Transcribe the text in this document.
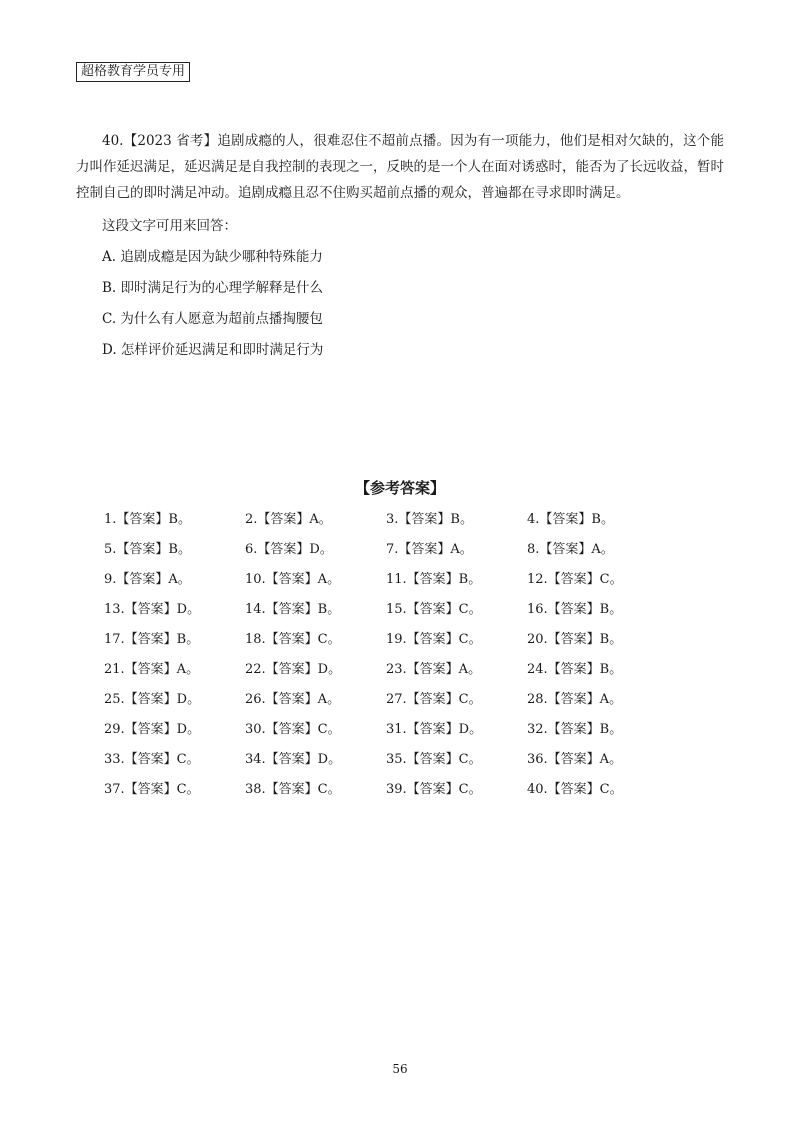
超格教育学员专用

40.【2023 省考】追剧成瘾的人，很难忍住不超前点播。因为有一项能力，他们是相对欠缺的，这个能力叫作延迟满足，延迟满足是自我控制的表现之一，反映的是一个人在面对诱惑时，能否为了长远收益，暂时控制自己的即时满足冲动。追剧成瘾且忍不住购买超前点播的观众，普遍都在寻求即时满足。

这段文字可用来回答：
A. 追剧成瘾是因为缺少哪种特殊能力
B. 即时满足行为的心理学解释是什么
C. 为什么有人愿意为超前点播掏腰包
D. 怎样评价延迟满足和即时满足行为
【参考答案】
1.【答案】B。	2.【答案】A。	3.【答案】B。	4.【答案】B。
5.【答案】B。	6.【答案】D。	7.【答案】A。	8.【答案】A。
9.【答案】A。	10.【答案】A。	11.【答案】B。	12.【答案】C。
13.【答案】D。	14.【答案】B。	15.【答案】C。	16.【答案】B。
17.【答案】B。	18.【答案】C。	19.【答案】C。	20.【答案】B。
21.【答案】A。	22.【答案】D。	23.【答案】A。	24.【答案】B。
25.【答案】D。	26.【答案】A。	27.【答案】C。	28.【答案】A。
29.【答案】D。	30.【答案】C。	31.【答案】D。	32.【答案】B。
33.【答案】C。	34.【答案】D。	35.【答案】C。	36.【答案】A。
37.【答案】C。	38.【答案】C。	39.【答案】C。	40.【答案】C。
56
